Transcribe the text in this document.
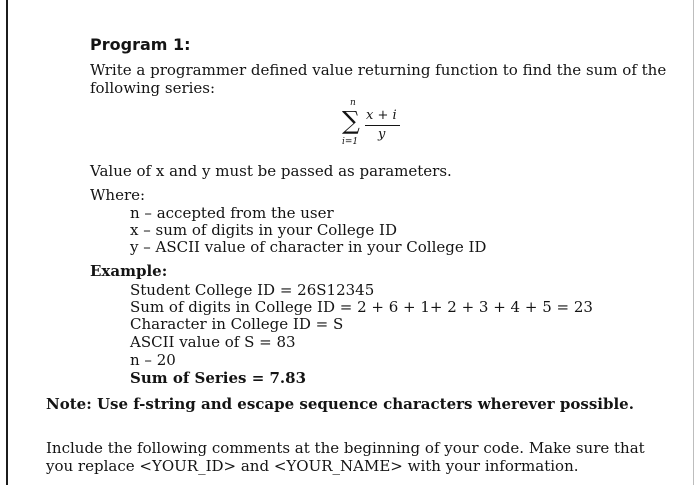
Program 1:
Write a programmer defined value returning function to find the sum of the
following series:
n
∑
i=1
x + i
y
Value of x and y must be passed as parameters.
Where:
n – accepted from the user
x – sum of digits in your College ID
y – ASCII value of character in your College ID
Example:
Student College ID = 26S12345
Sum of digits in College ID = 2 + 6 + 1+ 2 + 3 + 4 + 5 = 23
Character in College ID = S
ASCII value of S = 83
n – 20
Sum of Series = 7.83
Note: Use f-string and escape sequence characters wherever possible.
Include the following comments at the beginning of your code. Make sure that
you replace <YOUR_ID> and <YOUR_NAME> with your information.
